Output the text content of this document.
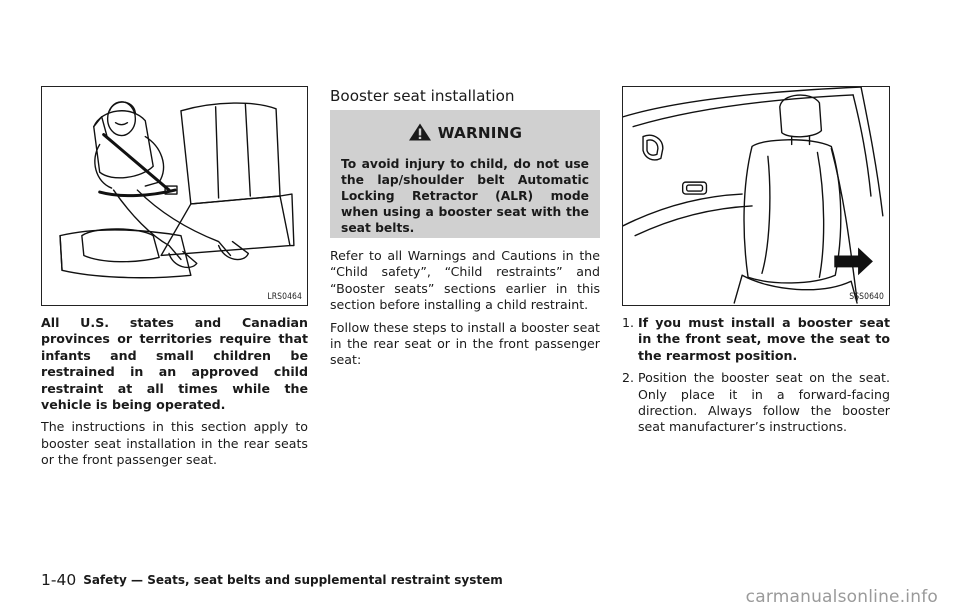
LRS0464

All U.S. states and Canadian provinces or territories require that infants and small children be restrained in an approved child restraint at all times while the vehicle is being operated.

The instructions in this section apply to booster seat installation in the rear seats or the front passenger seat.

Booster seat installation
WARNING

To avoid injury to child, do not use the lap/shoulder belt Automatic Locking Retractor (ALR) mode when using a booster seat with the seat belts.

Refer to all Warnings and Cautions in the “Child safety”, “Child restraints” and “Booster seats” sections earlier in this section before installing a child restraint.

Follow these steps to install a booster seat in the rear seat or in the front passenger seat:

SSS0640
1. If you must install a booster seat in the front seat, move the seat to the rearmost position.
2. Position the booster seat on the seat. Only place it in a forward-facing direction. Always follow the booster seat manufacturer’s instructions.
1-40 Safety — Seats, seat belts and supplemental restraint system
carmanualsonline.info
